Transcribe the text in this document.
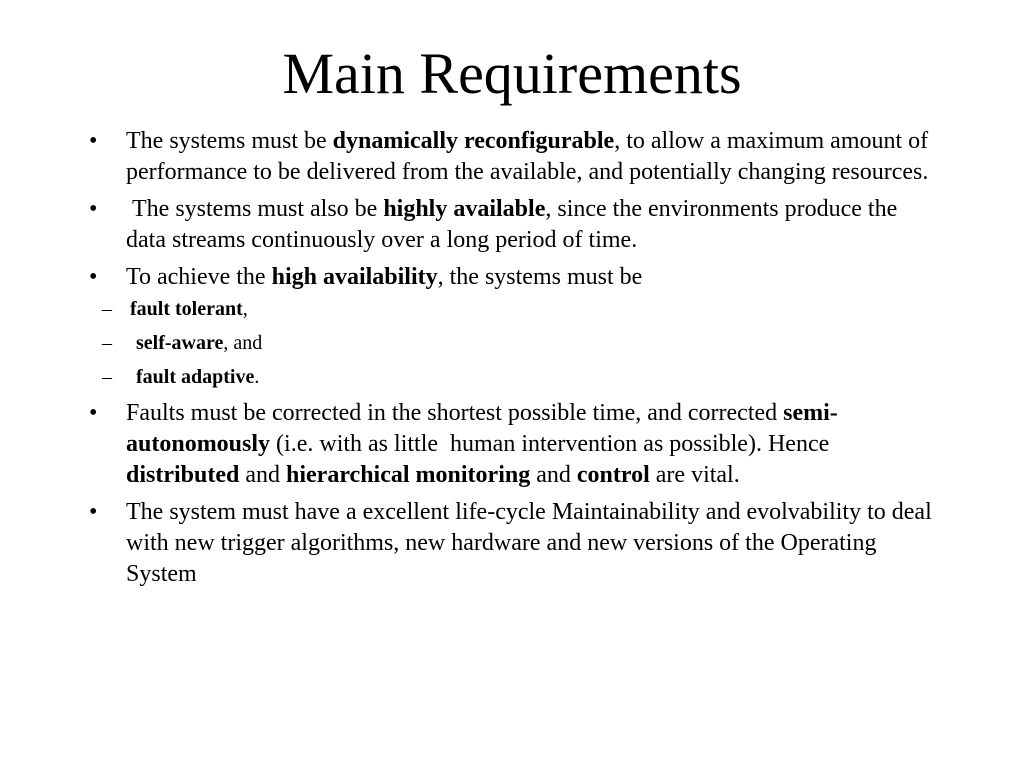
Main Requirements
•	The systems must be dynamically reconfigurable, to allow a maximum amount of performance to be delivered from the available, and potentially changing resources.
•	The systems must also be highly available, since the environments produce the data streams continuously over a long period of time.
•	To achieve the high availability, the systems must be
– fault tolerant,
– self-aware, and
– fault adaptive.
•	Faults must be corrected in the shortest possible time, and corrected semi-autonomously (i.e. with as little  human intervention as possible). Hence distributed and hierarchical monitoring and control are vital.
•	The system must have a excellent life-cycle Maintainability and evolvability to deal with new trigger algorithms, new hardware and new versions of the Operating System
